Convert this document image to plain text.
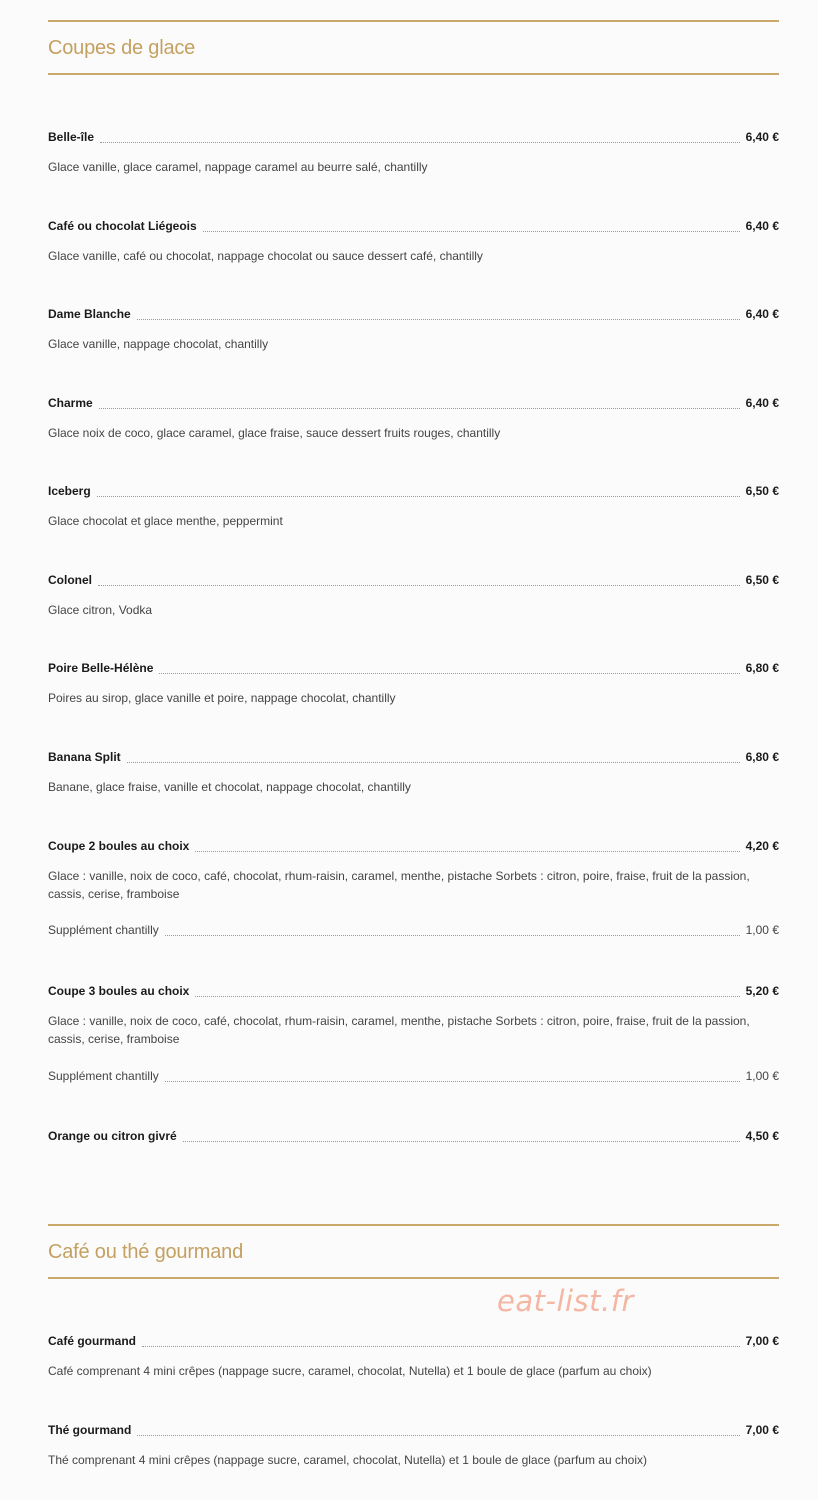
Coupes de glace
Belle-île	6,40 €
Glace vanille, glace caramel, nappage caramel au beurre salé, chantilly
Café ou chocolat Liégeois	6,40 €
Glace vanille, café ou chocolat, nappage chocolat ou sauce dessert café, chantilly
Dame Blanche	6,40 €
Glace vanille, nappage chocolat, chantilly
Charme	6,40 €
Glace noix de coco, glace caramel, glace fraise, sauce dessert fruits rouges, chantilly
Iceberg	6,50 €
Glace chocolat et glace menthe, peppermint
Colonel	6,50 €
Glace citron, Vodka
Poire Belle-Hélène	6,80 €
Poires au sirop, glace vanille et poire, nappage chocolat, chantilly
Banana Split	6,80 €
Banane, glace fraise, vanille et chocolat, nappage chocolat, chantilly
Coupe 2 boules au choix	4,20 €
Glace : vanille, noix de coco, café, chocolat, rhum-raisin, caramel, menthe, pistache Sorbets : citron, poire, fraise, fruit de la passion, cassis, cerise, framboise
Supplément chantilly	1,00 €
Coupe 3 boules au choix	5,20 €
Glace : vanille, noix de coco, café, chocolat, rhum-raisin, caramel, menthe, pistache Sorbets : citron, poire, fraise, fruit de la passion, cassis, cerise, framboise
Supplément chantilly	1,00 €
Orange ou citron givré	4,50 €
Café ou thé gourmand
eat-list.fr
Café gourmand	7,00 €
Café comprenant 4 mini crêpes (nappage sucre, caramel, chocolat, Nutella) et 1 boule de glace (parfum au choix)
Thé gourmand	7,00 €
Thé comprenant 4 mini crêpes (nappage sucre, caramel, chocolat, Nutella) et 1 boule de glace (parfum au choix)
